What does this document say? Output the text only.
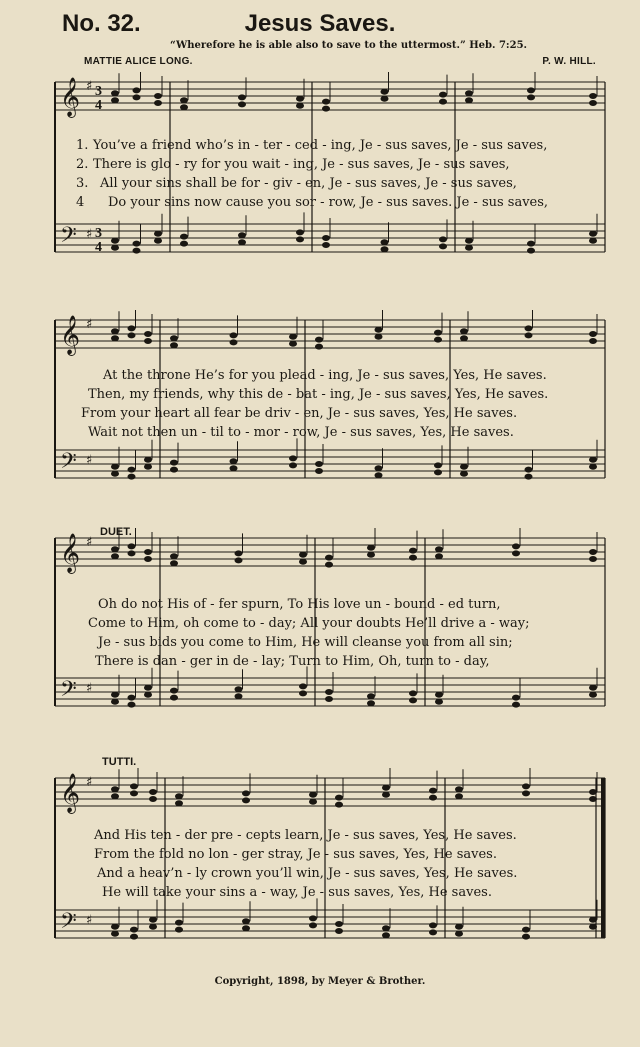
No. 32.	Jesus Saves.
“Wherefore he is able also to save to the uttermost.” Heb. 7:25.
MATTIE ALICE LONG.	P. W. HILL.
𝄞 ♯ 3
4
𝄢 ♯ 3
4
𝄞 ♯
𝄢 ♯
𝄞 ♯
𝄢 ♯
𝄞 ♯
𝄢 ♯
DUET.
TUTTI.
1.
2.
3.
4
You’ve a friend who’s in - ter - ced - ing, Je - sus saves, Je - sus saves,
There is glo - ry for you wait - ing, Je - sus saves, Je - sus saves,
All your sins shall be for - giv - en, Je - sus saves, Je - sus saves,
Do your sins now cause you sor - row, Je - sus saves. Je - sus saves,
At the throne He’s for you plead - ing, Je - sus saves, Yes, He saves.
Then, my friends, why this de - bat - ing, Je - sus saves, Yes, He saves.
From your heart all fear be driv - en, Je - sus saves, Yes, He saves.
Wait not then un - til to - mor - row, Je - sus saves, Yes, He saves.
Oh do not His of - fer spurn, To His love un - bound - ed turn,
Come to Him, oh come to - day; All your doubts He’ll drive a - way;
Je - sus bids you come to Him, He will cleanse you from all sin;
There is dan - ger in de - lay; Turn to Him, Oh, turn to - day,
And His ten - der pre - cepts learn, Je - sus saves, Yes, He saves.
From the fold no lon - ger stray, Je - sus saves, Yes, He saves.
And a heav’n - ly crown you’ll win, Je - sus saves, Yes, He saves.
He will take your sins a - way, Je - sus saves, Yes, He saves.
Copyright, 1898, by Meyer & Brother.
